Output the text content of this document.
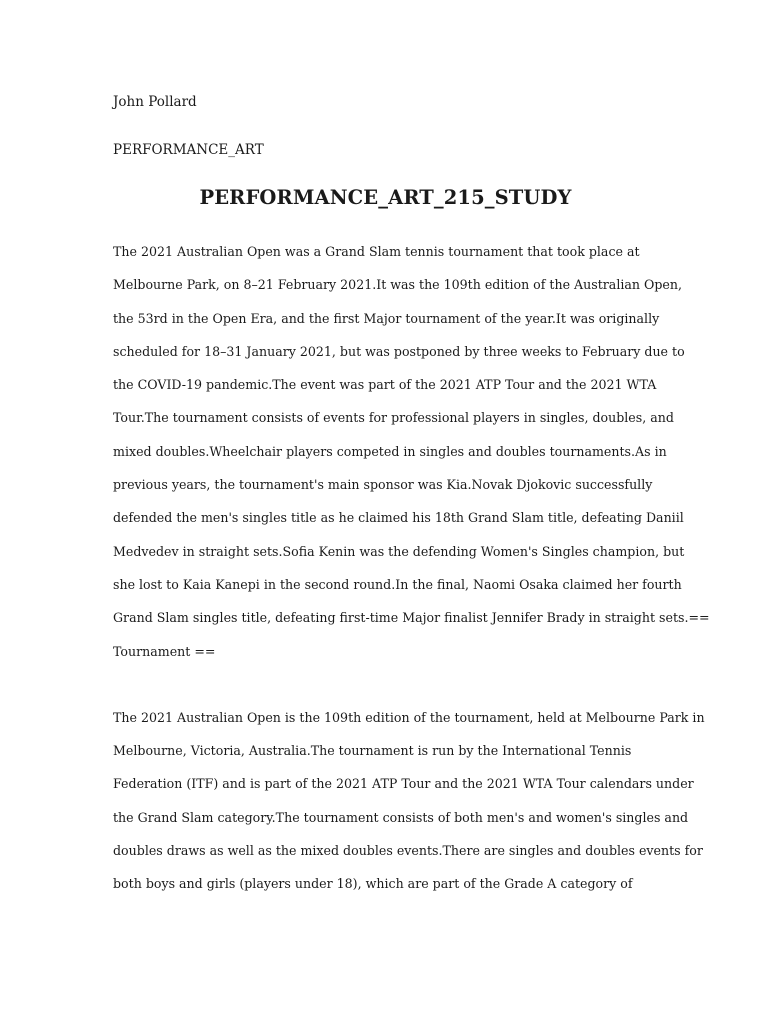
John Pollard

PERFORMANCE_ART

PERFORMANCE_ART_215_STUDY

The 2021 Australian Open was a Grand Slam tennis tournament that took place at
Melbourne Park, on 8–21 February 2021.It was the 109th edition of the Australian Open,
the 53rd in the Open Era, and the first Major tournament of the year.It was originally
scheduled for 18–31 January 2021, but was postponed by three weeks to February due to
the COVID-19 pandemic.The event was part of the 2021 ATP Tour and the 2021 WTA
Tour.The tournament consists of events for professional players in singles, doubles, and
mixed doubles.Wheelchair players competed in singles and doubles tournaments.As in
previous years, the tournament's main sponsor was Kia.Novak Djokovic successfully
defended the men's singles title as he claimed his 18th Grand Slam title, defeating Daniil
Medvedev in straight sets.Sofia Kenin was the defending Women's Singles champion, but
she lost to Kaia Kanepi in the second round.In the final, Naomi Osaka claimed her fourth
Grand Slam singles title, defeating first-time Major finalist Jennifer Brady in straight sets.==
Tournament ==

The 2021 Australian Open is the 109th edition of the tournament, held at Melbourne Park in
Melbourne, Victoria, Australia.The tournament is run by the International Tennis
Federation (ITF) and is part of the 2021 ATP Tour and the 2021 WTA Tour calendars under
the Grand Slam category.The tournament consists of both men's and women's singles and
doubles draws as well as the mixed doubles events.There are singles and doubles events for
both boys and girls (players under 18), which are part of the Grade A category of
